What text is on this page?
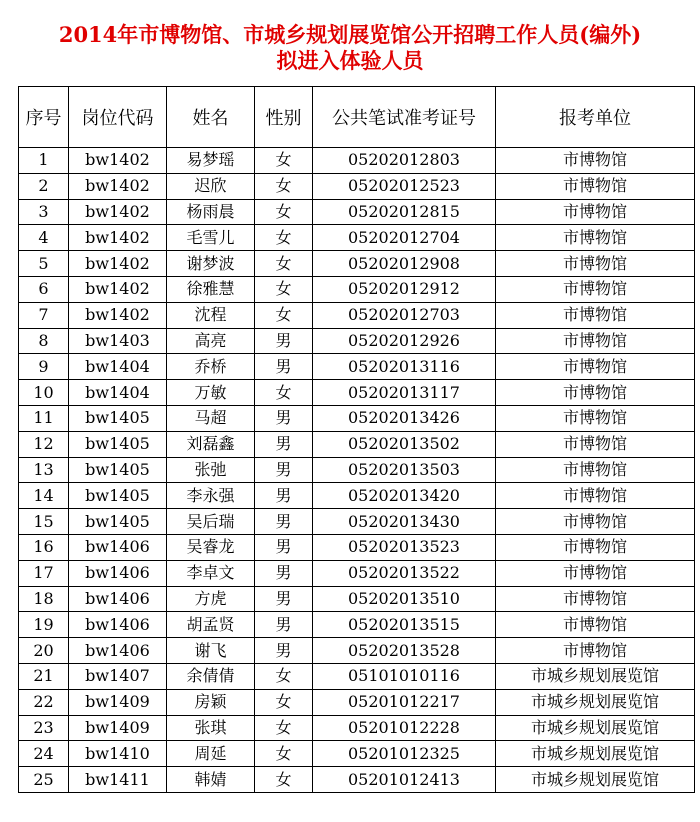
2014年市博物馆、市城乡规划展览馆公开招聘工作人员(编外)
拟进入体验人员
序号	岗位代码	姓名	性别	公共笔试准考证号	报考单位
1	bw1402	易梦瑶	女	05202012803	市博物馆
2	bw1402	迟欣	女	05202012523	市博物馆
3	bw1402	杨雨晨	女	05202012815	市博物馆
4	bw1402	毛雪儿	女	05202012704	市博物馆
5	bw1402	谢梦波	女	05202012908	市博物馆
6	bw1402	徐雅慧	女	05202012912	市博物馆
7	bw1402	沈程	女	05202012703	市博物馆
8	bw1403	高亮	男	05202012926	市博物馆
9	bw1404	乔桥	男	05202013116	市博物馆
10	bw1404	万敏	女	05202013117	市博物馆
11	bw1405	马超	男	05202013426	市博物馆
12	bw1405	刘磊鑫	男	05202013502	市博物馆
13	bw1405	张弛	男	05202013503	市博物馆
14	bw1405	李永强	男	05202013420	市博物馆
15	bw1405	吴后瑞	男	05202013430	市博物馆
16	bw1406	吴睿龙	男	05202013523	市博物馆
17	bw1406	李卓文	男	05202013522	市博物馆
18	bw1406	方虎	男	05202013510	市博物馆
19	bw1406	胡孟贤	男	05202013515	市博物馆
20	bw1406	谢飞	男	05202013528	市博物馆
21	bw1407	余倩倩	女	05101010116	市城乡规划展览馆
22	bw1409	房颖	女	05201012217	市城乡规划展览馆
23	bw1409	张琪	女	05201012228	市城乡规划展览馆
24	bw1410	周延	女	05201012325	市城乡规划展览馆
25	bw1411	韩婧	女	05201012413	市城乡规划展览馆
